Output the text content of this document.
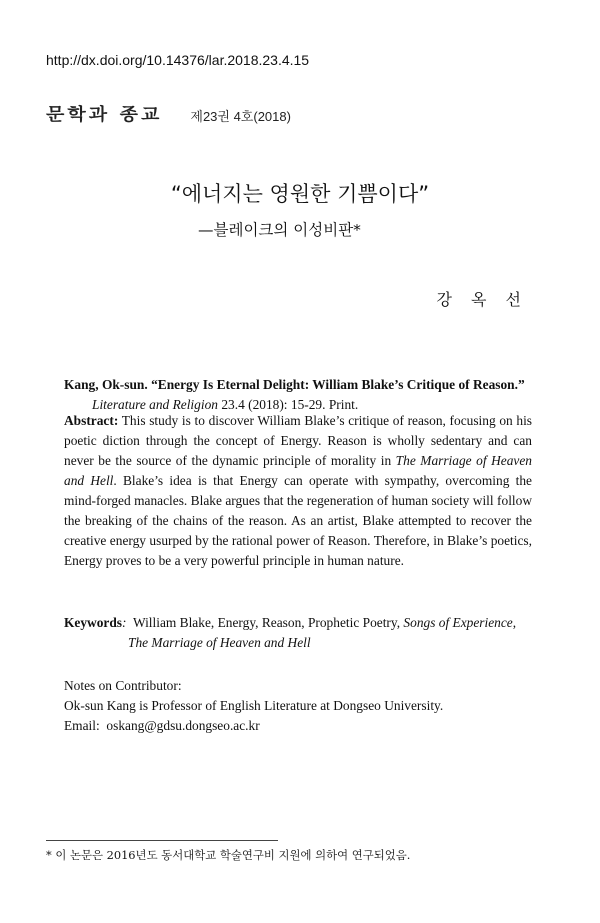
http://dx.doi.org/10.14376/lar.2018.23.4.15
문학과 종교 제23권 4호(2018)
“에너지는 영원한 기쁨이다”
—블레이크의 이성비판*
강 옥 선
Kang, Ok-sun. “Energy Is Eternal Delight: William Blake’s Critique of Reason.”
Literature and Religion 23.4 (2018): 15-29. Print.
Abstract: This study is to discover William Blake’s critique of reason, focusing on his poetic diction through the concept of Energy. Reason is wholly sedentary and can never be the source of the dynamic principle of morality in The Marriage of Heaven and Hell. Blake’s idea is that Energy can operate with sympathy, overcoming the mind-forged manacles. Blake argues that the regeneration of human society will follow the breaking of the chains of the reason. As an artist, Blake attempted to recover the creative energy usurped by the rational power of Reason. Therefore, in Blake’s poetics, Energy proves to be a very powerful principle in human nature.
Keywords: William Blake, Energy, Reason, Prophetic Poetry, Songs of Experience,
The Marriage of Heaven and Hell
Notes on Contributor:
Ok-sun Kang is Professor of English Literature at Dongseo University.
Email: oskang@gdsu.dongseo.ac.kr
* 이 논문은 2016년도 동서대학교 학술연구비 지원에 의하여 연구되었음.
